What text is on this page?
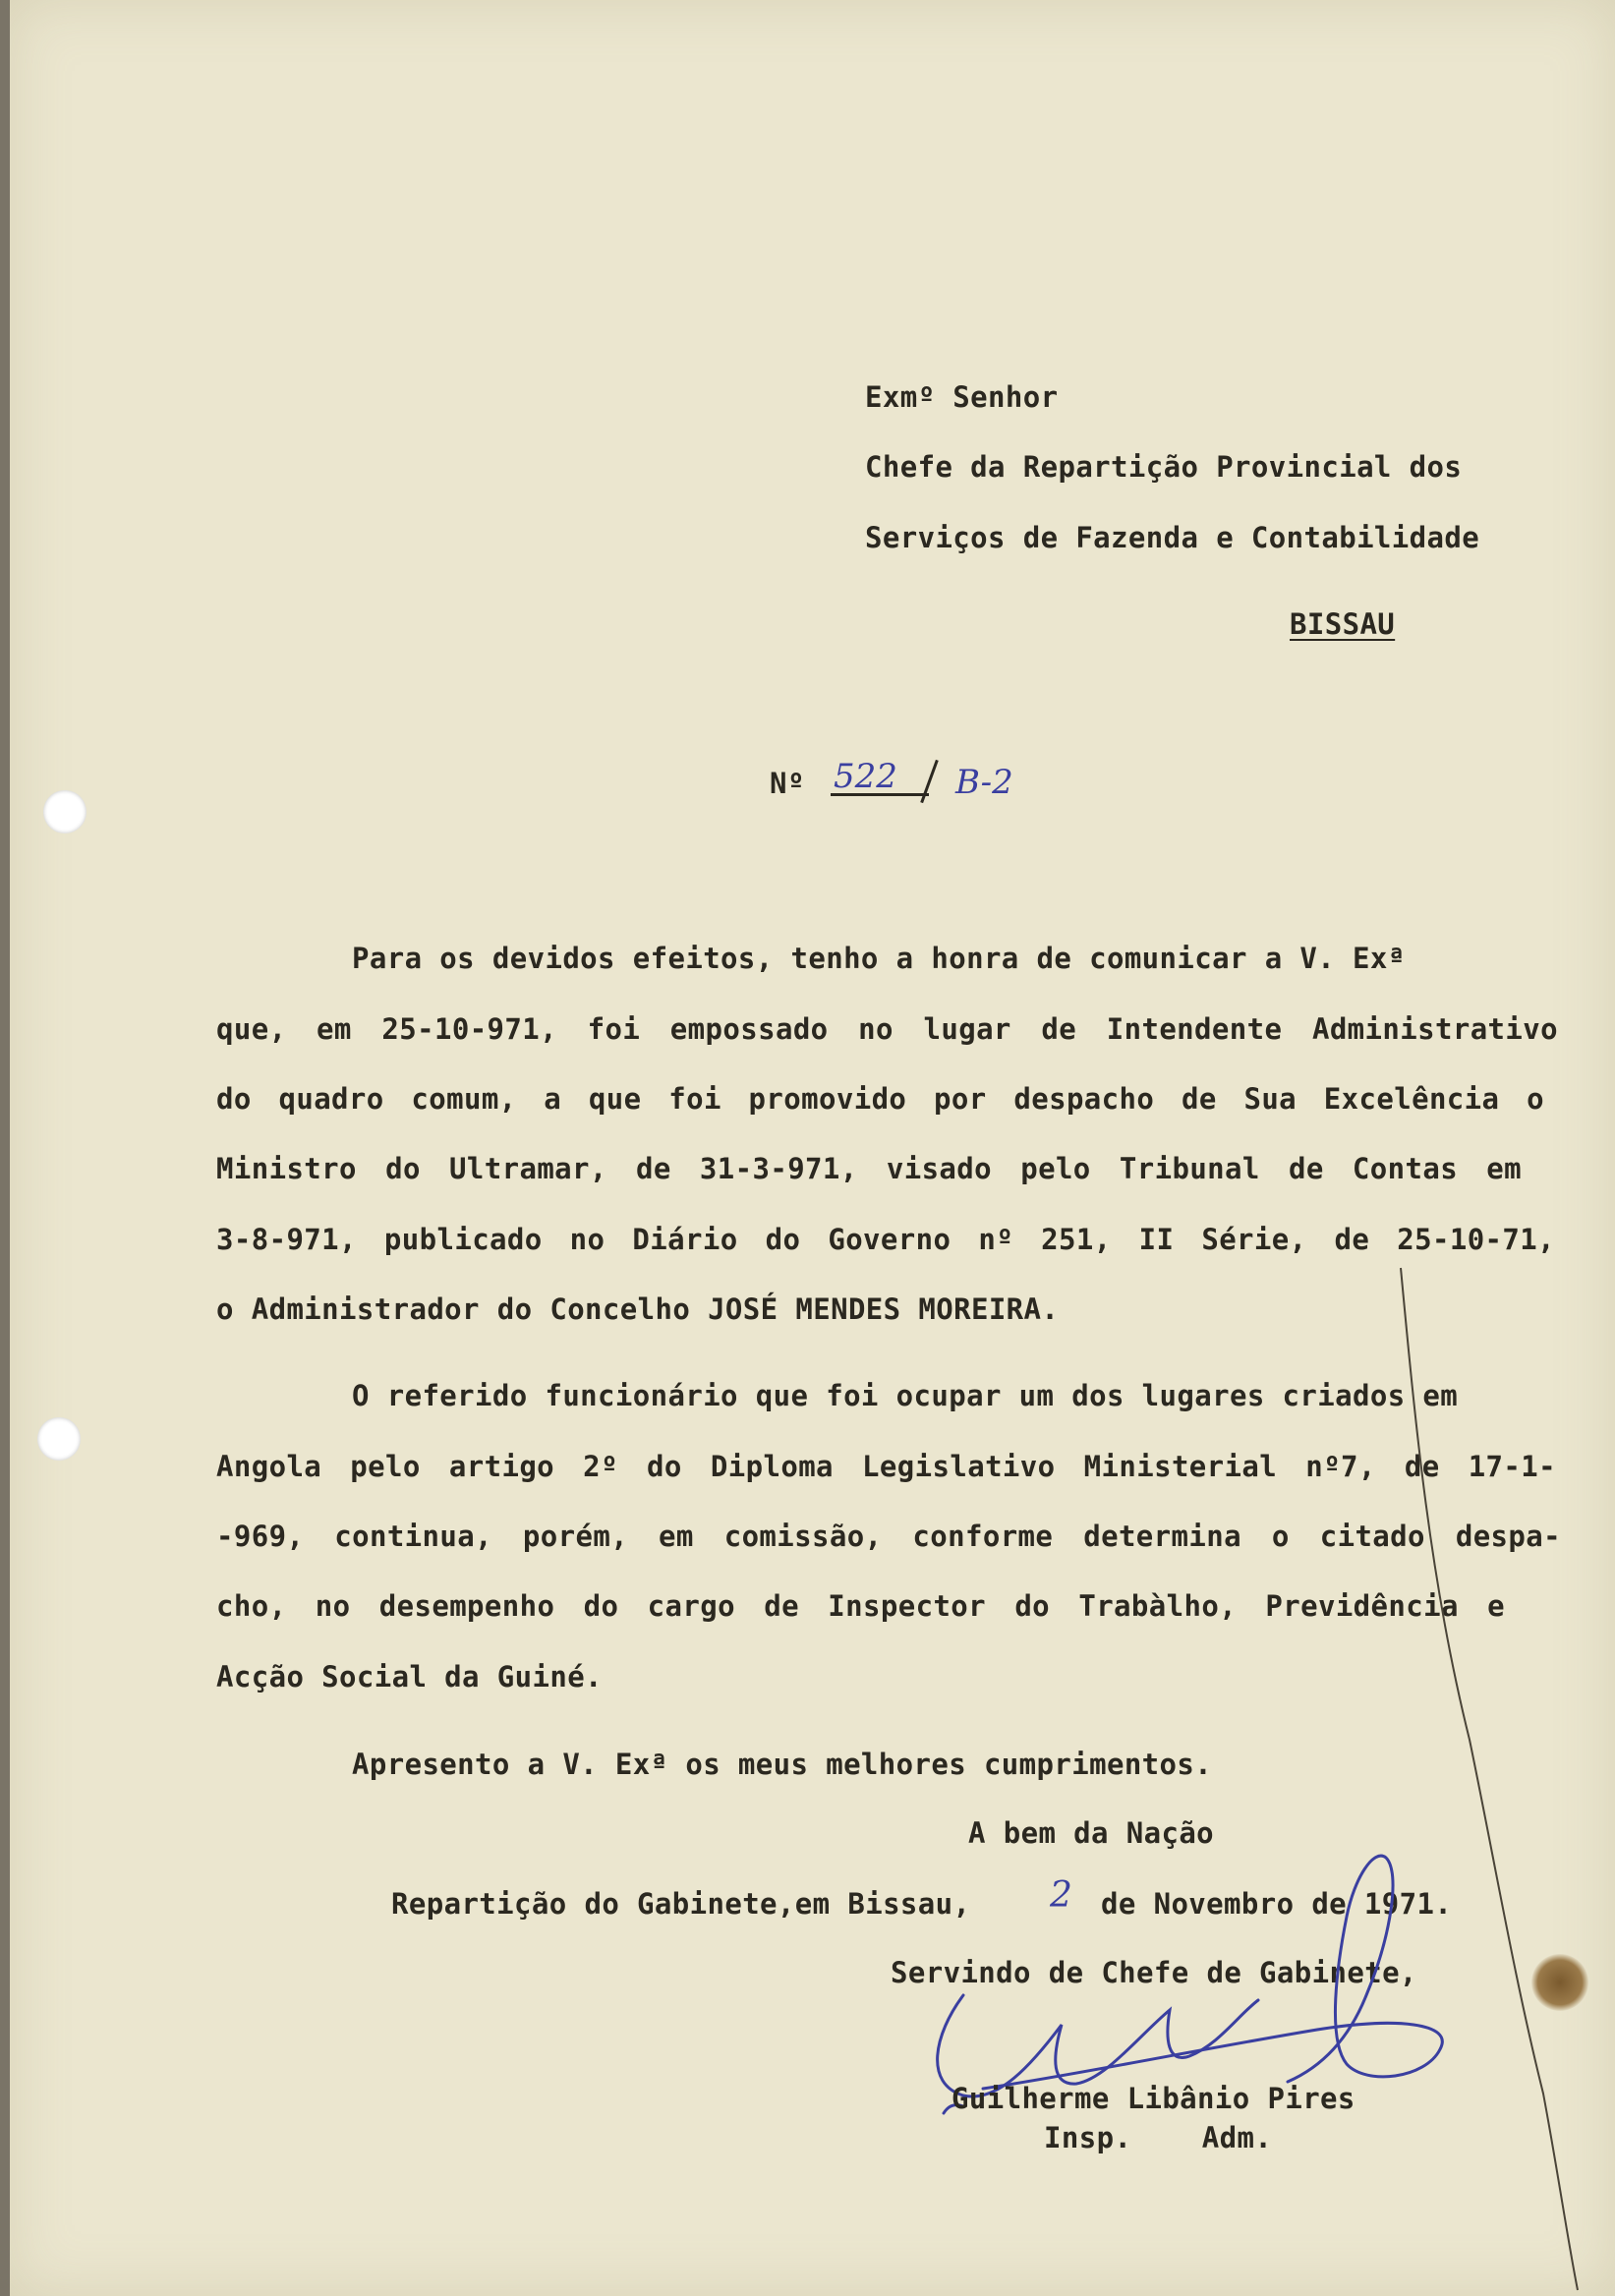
Exmº Senhor

Chefe da Repartição Provincial dos

Serviços de Fazenda e Contabilidade

BISSAU

Nº 522 B-2

Para os devidos efeitos, tenho a honra de comunicar a V. Exª

que, em 25-10-971, foi empossado no lugar de Intendente Administrativo

do quadro comum, a que foi promovido por despacho de Sua Excelência o

Ministro do Ultramar, de 31-3-971, visado pelo Tribunal de Contas em

3-8-971, publicado no Diário do Governo nº 251, II Série, de 25-10-71,

o Administrador do Concelho JOSÉ MENDES MOREIRA.

O referido funcionário que foi ocupar um dos lugares criados em

Angola pelo artigo 2º do Diploma Legislativo Ministerial nº7, de 17-1-

-969, continua, porém, em comissão, conforme determina o citado despa-

cho, no desempenho do cargo de Inspector do Trabàlho, Previdência e

Acção Social da Guiné.

Apresento a V. Exª os meus melhores cumprimentos.

A bem da Nação

Repartição do Gabinete,em Bissau, 2 de Novembro de 1971.

Servindo de Chefe de Gabinete,

Guilherme Libânio Pires

Insp.    Adm.
